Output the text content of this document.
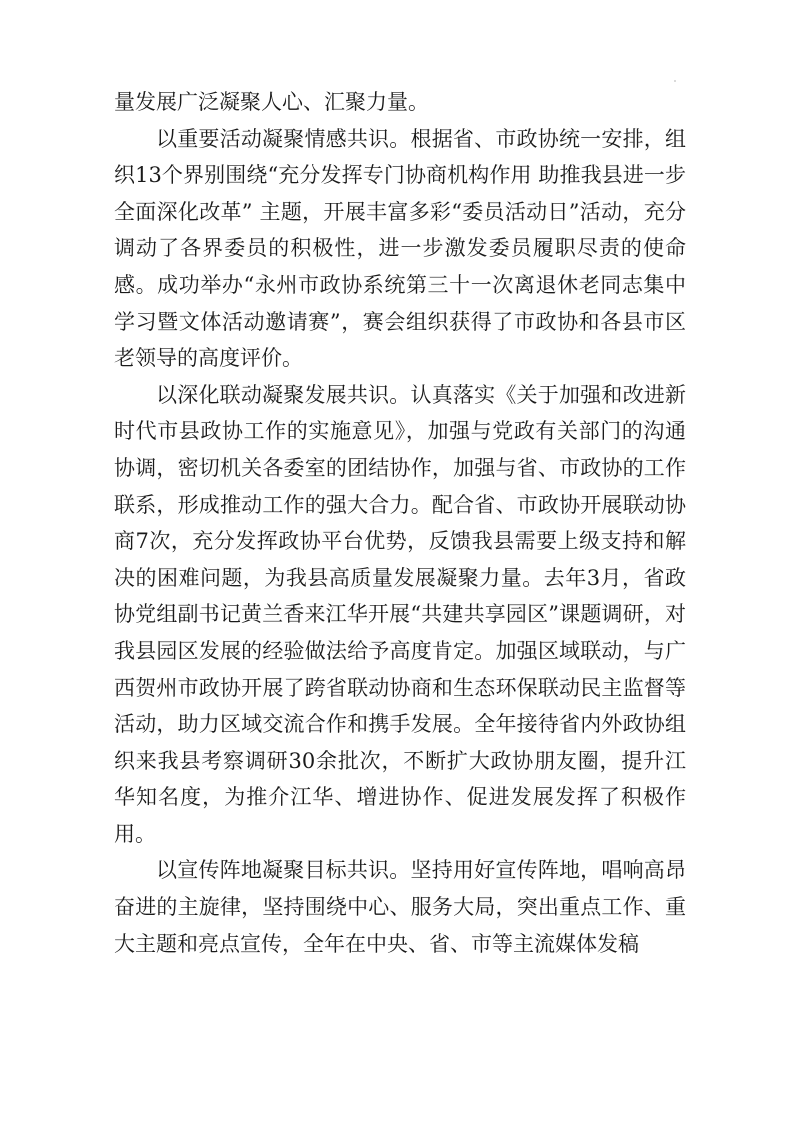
量发展广泛凝聚人心、汇聚力量。

以重要活动凝聚情感共识。根据省、市政协统一安排，组织13个界别围绕“充分发挥专门协商机构作用 助推我县进一步全面深化改革” 主题，开展丰富多彩“委员活动日”活动，充分调动了各界委员的积极性，进一步激发委员履职尽责的使命感。成功举办“永州市政协系统第三十一次离退休老同志集中学习暨文体活动邀请赛”，赛会组织获得了市政协和各县市区老领导的高度评价。

以深化联动凝聚发展共识。认真落实《关于加强和改进新时代市县政协工作的实施意见》，加强与党政有关部门的沟通协调，密切机关各委室的团结协作，加强与省、市政协的工作联系，形成推动工作的强大合力。配合省、市政协开展联动协商7次，充分发挥政协平台优势，反馈我县需要上级支持和解决的困难问题，为我县高质量发展凝聚力量。去年3月，省政协党组副书记黄兰香来江华开展“共建共享园区”课题调研，对我县园区发展的经验做法给予高度肯定。加强区域联动，与广西贺州市政协开展了跨省联动协商和生态环保联动民主监督等活动，助力区域交流合作和携手发展。全年接待省内外政协组织来我县考察调研30余批次，不断扩大政协朋友圈，提升江华知名度，为推介江华、增进协作、促进发展发挥了积极作用。

以宣传阵地凝聚目标共识。坚持用好宣传阵地，唱响高昂奋进的主旋律，坚持围绕中心、服务大局，突出重点工作、重大主题和亮点宣传，全年在中央、省、市等主流媒体发稿
